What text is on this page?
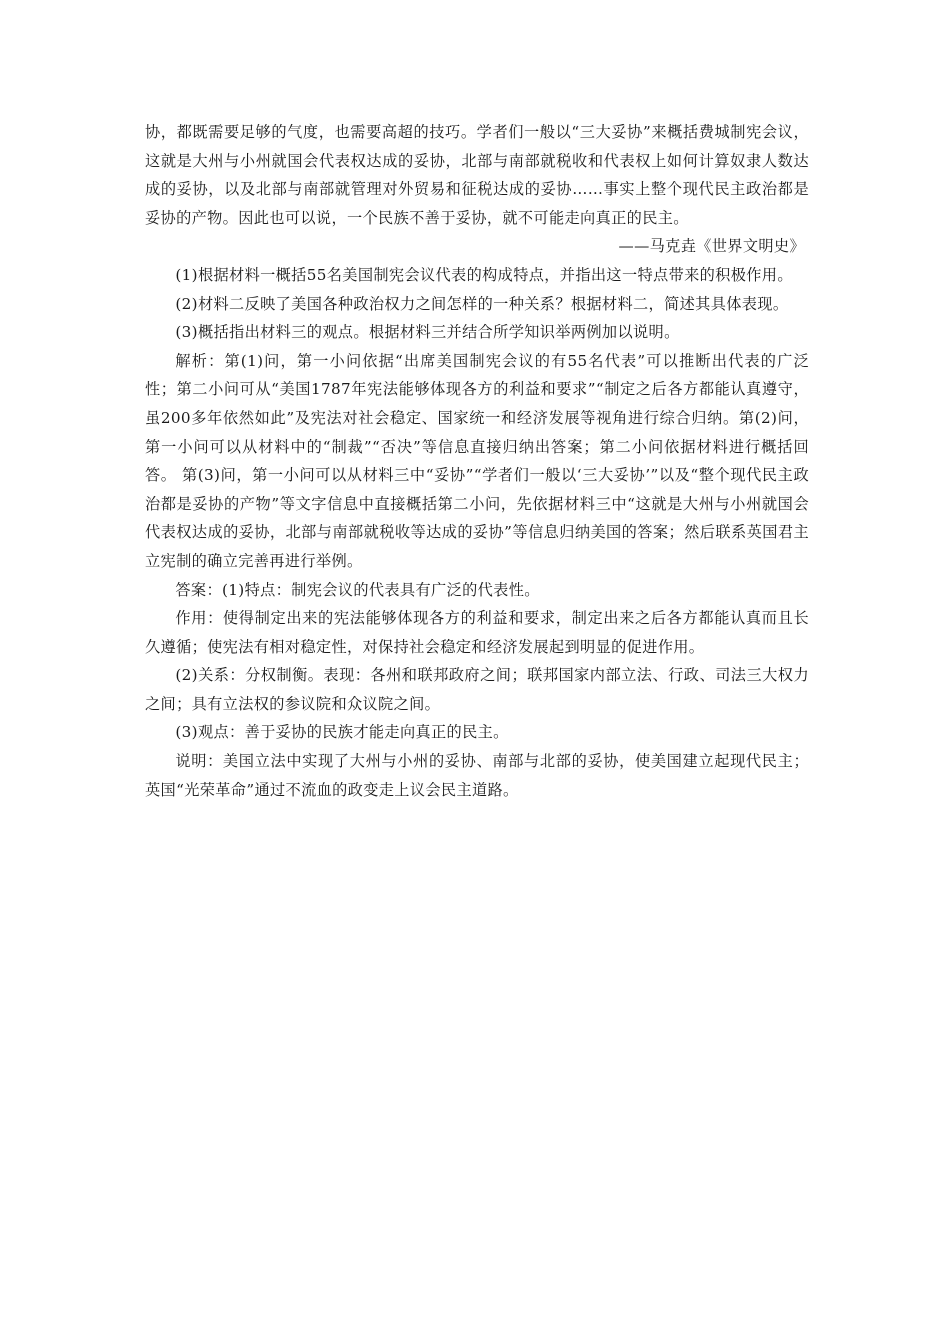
协，都既需要足够的气度，也需要高超的技巧。学者们一般以“三大妥协”来概括费城制宪会议，这就是大州与小州就国会代表权达成的妥协，北部与南部就税收和代表权上如何计算奴隶人数达成的妥协，以及北部与南部就管理对外贸易和征税达成的妥协……事实上整个现代民主政治都是妥协的产物。因此也可以说，一个民族不善于妥协，就不可能走向真正的民主。

——马克垚《世界文明史》

(1)根据材料一概括55名美国制宪会议代表的构成特点，并指出这一特点带来的积极作用。

(2)材料二反映了美国各种政治权力之间怎样的一种关系？根据材料二，简述其具体表现。

(3)概括指出材料三的观点。根据材料三并结合所学知识举两例加以说明。

解析：第(1)问，第一小问依据“出席美国制宪会议的有55名代表”可以推断出代表的广泛性；第二小问可从“美国1787年宪法能够体现各方的利益和要求”“制定之后各方都能认真遵守，虽200多年依然如此”及宪法对社会稳定、国家统一和经济发展等视角进行综合归纳。第(2)问，第一小问可以从材料中的“制裁”“否决”等信息直接归纳出答案；第二小问依据材料进行概括回答。 第(3)问，第一小问可以从材料三中“妥协”“学者们一般以‘三大妥协’”以及“整个现代民主政治都是妥协的产物”等文字信息中直接概括第二小问，先依据材料三中“这就是大州与小州就国会代表权达成的妥协，北部与南部就税收等达成的妥协”等信息归纳美国的答案；然后联系英国君主立宪制的确立完善再进行举例。

答案：(1)特点：制宪会议的代表具有广泛的代表性。

作用：使得制定出来的宪法能够体现各方的利益和要求，制定出来之后各方都能认真而且长久遵循；使宪法有相对稳定性，对保持社会稳定和经济发展起到明显的促进作用。

(2)关系：分权制衡。表现：各州和联邦政府之间；联邦国家内部立法、行政、司法三大权力之间；具有立法权的参议院和众议院之间。

(3)观点：善于妥协的民族才能走向真正的民主。

说明：美国立法中实现了大州与小州的妥协、南部与北部的妥协，使美国建立起现代民主；英国“光荣革命”通过不流血的政变走上议会民主道路。
